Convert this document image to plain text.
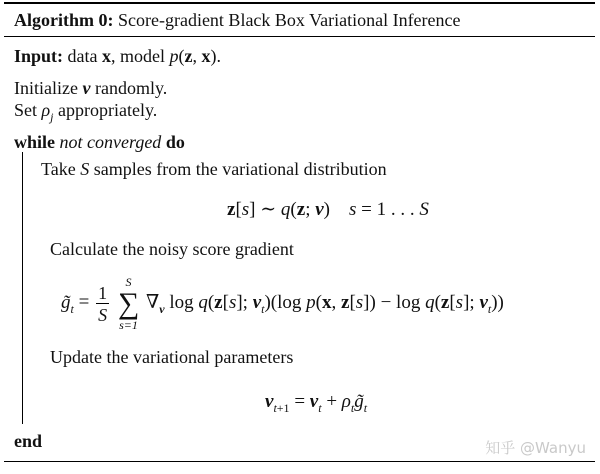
Algorithm 0: Score-gradient Black Box Variational Inference
Input: data x, model p(z, x).
Initialize ν randomly.
Set $\rho_j$ appropriately.
while not converged do
Take S samples from the variational distribution
z[s] ∼ q(z; ν)    s = 1 . . . S
Calculate the noisy score gradient
$g̃_t = \frac{1}{S}$

S
∑
s=1
$\nabla_\nu$ log q(z[s]; $\nu_t)(\log$ p(x, z[s]) − log q(z[s]; $\nu_t$))
Update the variational parameters
$\nu_{t+1} = \nu_t$ + $\rho_tg̃_t$
end	知乎 @Wanyu
